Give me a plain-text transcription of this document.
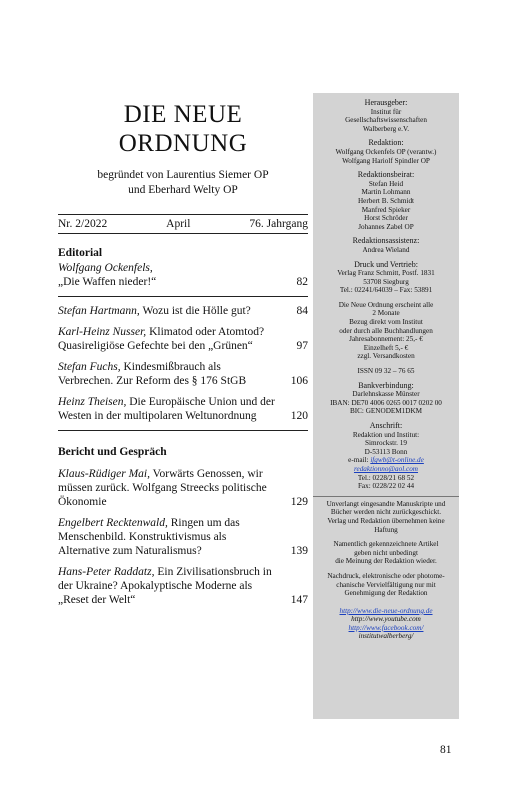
DIE NEUE
ORDNUNG
begründet von Laurentius Siemer OP
und Eberhard Welty OP
Nr. 2/2022	April	76. Jahrgang
Editorial
Wolfgang Ockenfels,
„Die Waffen nieder!“	82
Stefan Hartmann, Wozu ist die Hölle gut?	84
Karl-Heinz Nusser, Klimatod oder Atomtod? Quasireligiöse Gefechte bei den „Grünen“	97
Stefan Fuchs, Kindesmißbrauch als Verbrechen. Zur Reform des § 176 StGB	106
Heinz Theisen, Die Europäische Union und der Westen in der multipolaren Weltunordnung	120
Bericht und Gespräch
Klaus-Rüdiger Mai, Vorwärts Genossen, wir müssen zurück. Wolfgang Streecks politische Ökonomie	129
Engelbert Recktenwald, Ringen um das Menschenbild. Konstruktivismus als Alternative zum Naturalismus?	139
Hans-Peter Raddatz, Ein Zivilisationsbruch in der Ukraine? Apokalyptische Moderne als „Reset der Welt“	147
Herausgeber:
Institut für
Gesellschaftswissenschaften
Walberberg e.V.
Redaktion:
Wolfgang Ockenfels OP (verantw.)
Wolfgang Hariolf Spindler OP
Redaktionsbeirat:
Stefan Heid
Martin Lohmann
Herbert B. Schmidt
Manfred Spieker
Horst Schröder
Johannes Zabel OP
Redaktionsassistenz:
Andrea Wieland
Druck und Vertrieb:
Verlag Franz Schmitt, Postf. 1831
53708 Siegburg
Tel.: 02241/64039 – Fax: 53891
Die Neue Ordnung erscheint alle
2 Monate
Bezug direkt vom Institut
oder durch alle Buchhandlungen
Jahresabonnement: 25,- €
Einzelheft 5,- €
zzgl. Versandkosten
ISSN 09 32 – 76 65
Bankverbindung:
Darlehnskasse Münster
IBAN: DE70 4006 0265 0017 0202 00
BIC: GENODEM1DKM
Anschrift:
Redaktion und Institut:
Simrockstr. 19
D-53113 Bonn
e-mail: ifgwb@t-online.de
redaktionno@aol.com
Tel.: 0228/21 68 52
Fax: 0228/22 02 44
Unverlangt eingesandte Manuskripte und
Bücher werden nicht zurückgeschickt.
Verlag und Redaktion übernehmen keine
Haftung
Namentlich gekennzeichnete Artikel
geben nicht unbedingt
die Meinung der Redaktion wieder.
Nachdruck, elektronische oder photome-
chanische Vervielfältigung nur mit
Genehmigung der Redaktion
http://www.die-neue-ordnung.de
http://www.youtube.com
http://www.facebook.com/
institutwalberberg/
81
